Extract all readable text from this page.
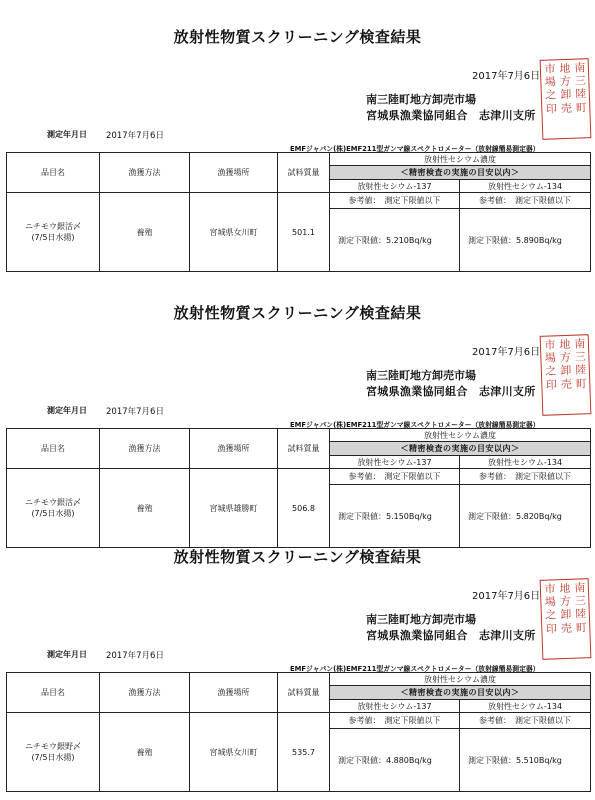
放射性物質スクリーニング検査結果
2017年7月6日
南三陸町地方卸売市場
宮城県漁業協同組合　志津川支所
市
場
之
印
地
方
卸
売
南
三
陸
町
測定年月日 2017年7月6日
EMFジャパン(株)EMF211型ガンマ線スペクトロメーター（放射線簡易測定器）
品目名	漁獲方法	漁獲場所	試料質量	放射性セシウム濃度	
				＜精密検査の実施の目安以内＞	
				放射性セシウム-137	放射性セシウム-134

ニチモウ銀活〆
(7/5日水揚)	養殖	宮城県女川町	501.1	参考値：　測定下限値以下	参考値：　測定下限値以下
				測定下限値：5.210Bq/kg	測定下限値：5.890Bq/kg
放射性物質スクリーニング検査結果
2017年7月6日
南三陸町地方卸売市場
宮城県漁業協同組合　志津川支所
市
場
之
印
地
方
卸
売
南
三
陸
町
測定年月日 2017年7月6日
EMFジャパン(株)EMF211型ガンマ線スペクトロメーター（放射線簡易測定器）
品目名	漁獲方法	漁獲場所	試料質量	放射性セシウム濃度	
				＜精密検査の実施の目安以内＞	
				放射性セシウム-137	放射性セシウム-134

ニチモウ銀活〆
(7/5日水揚)	養殖	宮城県雄勝町	506.8	参考値：　測定下限値以下	参考値：　測定下限値以下
				測定下限値：5.150Bq/kg	測定下限値：5.820Bq/kg
放射性物質スクリーニング検査結果
2017年7月6日
南三陸町地方卸売市場
宮城県漁業協同組合　志津川支所
市
場
之
印
地
方
卸
売
南
三
陸
町
測定年月日 2017年7月6日
EMFジャパン(株)EMF211型ガンマ線スペクトロメーター（放射線簡易測定器）
品目名	漁獲方法	漁獲場所	試料質量	放射性セシウム濃度	
				＜精密検査の実施の目安以内＞	
				放射性セシウム-137	放射性セシウム-134

ニチモウ銀野〆
(7/5日水揚)	養殖	宮城県女川町	535.7	参考値：　測定下限値以下	参考値：　測定下限値以下
				測定下限値：4.880Bq/kg	測定下限値：5.510Bq/kg
